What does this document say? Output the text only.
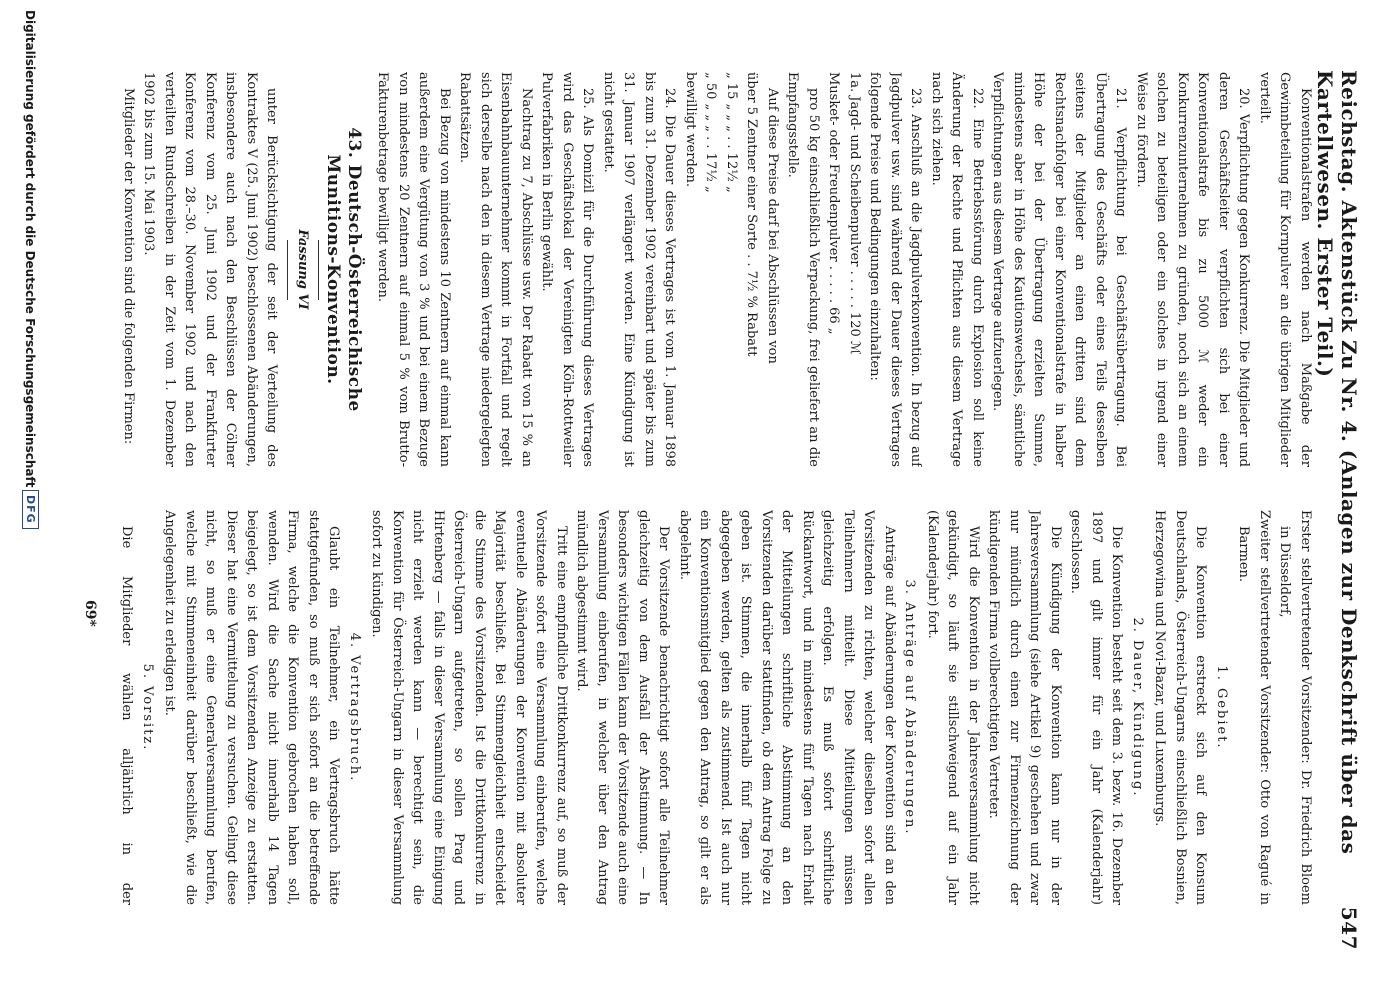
Reichstag. Aktenstück Zu Nr. 4. (Anlagen zur Denkschrift über das Kartellwesen. Erster Teil.)
547

Konventionalstrafen werden nach Maßgabe der Gewinnbeteilung für Kornpulver an die übrigen Mitglieder verteilt.

20. Verpflichtung gegen Konkurrenz. Die Mitglieder und deren Geschäftsleiter verpflichten sich bei einer Konventionalstrafe bis zu 5000 ℳ weder ein Konkurrenzunternehmen zu gründen, noch sich an einem solchen zu beteiligen oder ein solches in irgend einer Weise zu fördern.

21. Verpflichtung bei Geschäftsübertragung. Bei Übertragung des Geschäfts oder eines Teils desselben seitens der Mitglieder an einen dritten sind dem Rechtsnachfolger bei einer Konventionalstrafe in halber Höhe der bei der Übertragung erzielten Summe, mindestens aber in Höhe des Kautionswechsels, sämtliche Verpflichtungen aus diesem Vertrage aufzuerlegen.

22. Eine Betriebsstörung durch Explosion soll keine Änderung der Rechte und Pflichten aus diesem Vertrage nach sich ziehen.

23. Anschluß an die Jagdpulverkonvention. In bezug auf Jagdpulver usw. sind während der Dauer dieses Vertrages folgende Preise und Bedingungen einzuhalten:

1a. Jagd- und Scheibenpulver . . . . . 120 ℳ

Musket- oder Freudenpulver . . . . . 66 „

pro 50 kg einschließlich Verpackung, frei geliefert an die Empfangsstelle.

Auf diese Preise darf bei Abschlüssen von

über 5 Zentner einer Sorte . . 7½ % Rabatt

„ 15 „ „ „ . . 12½ „

„ 50 „ „ „ . . 17½ „

bewilligt werden.

24. Die Dauer dieses Vertrages ist vom 1. Januar 1898 bis zum 31. Dezember 1902 vereinbart und später bis zum 31. Januar 1907 verlängert worden. Eine Kündigung ist nicht gestattet.

25. Als Domizil für die Durchführung dieses Vertrages wird das Geschäftslokal der Vereinigten Köln-Rottweiler Pulverfabriken in Berlin gewählt.

Nachtrag zu 7, Abschlüsse usw. Der Rabatt von 15 % an Eisenbahnbauunternehmer kommt in Fortfall und regelt sich derselbe nach den in diesem Vertrage niedergelegten Rabattsätzen.

Bei Bezug von mindestens 10 Zentnern auf einmal kann außerdem eine Vergütung von 3 % und bei einem Bezuge von mindestens 20 Zentnern auf einmal 5 % vom Brutto-Fakturenbetrage bewilligt werden.

43. Deutsch-Österreichische Munitions-Konvention.

Fassung VI

unter Berücksichtigung der seit der Verteilung des Kontraktes V (25. Juni 1902) beschlossenen Abänderungen, insbesondere auch nach den Beschlüssen der Cölner Konferenz vom 25. Juni 1902 und der Frankfurter Konferenz vom 28.–30. November 1902 und nach den verteilten Rundschreiben in der Zeit vom 1. Dezember 1902 bis zum 15. Mai 1903.

Mitglieder der Konvention sind die folgenden Firmen:

Erster stellvertretender Vorsitzender: Dr. Friedrich Bloem in Düsseldorf,

Zweiter stellvertretender Vorsitzender: Otto von Ragué in Barmen.

1. Gebiet.

Die Konvention erstreckt sich auf den Konsum Deutschlands, Österreich-Ungarns einschließlich Bosnien, Herzegowina und Novi-Bazar, und Luxemburgs.

2. Dauer, Kündigung.

Die Konvention besteht seit dem 3. bezw. 16. Dezember 1897 und gilt immer für ein Jahr (Kalenderjahr) geschlossen.

Die Kündigung der Konvention kann nur in der Jahresversammlung (siehe Artikel 9) geschehen und zwar nur mündlich durch einen zur Firmenzeichnung der kündigenden Firma vollberechtigten Vertreter.

Wird die Konvention in der Jahresversammlung nicht gekündigt, so läuft sie stillschweigend auf ein Jahr (Kalenderjahr) fort.

3. Anträge auf Abänderungen.

Anträge auf Abänderungen der Konvention sind an den Vorsitzenden zu richten, welcher dieselben sofort allen Teilnehmern mitteilt. Diese Mitteilungen müssen gleichzeitig erfolgen. Es muß sofort schriftliche Rückantwort, und in mindestens fünf Tagen nach Erhalt der Mitteilungen schriftliche Abstimmung an den Vorsitzenden darüber stattfinden, ob dem Antrag Folge zu geben ist. Stimmen, die innerhalb fünf Tagen nicht abgegeben werden, gelten als zustimmend. Ist auch nur ein Konventionsmitglied gegen den Antrag, so gilt er als abgelehnt.

Der Vorsitzende benachrichtigt sofort alle Teilnehmer gleichzeitig von dem Ausfall der Abstimmung. — In besonders wichtigen Fällen kann der Vorsitzende auch eine Versammlung einberufen, in welcher über den Antrag mündlich abgestimmt wird.

Tritt eine empfindliche Drittkonkurrenz auf, so muß der Vorsitzende sofort eine Versammlung einberufen, welche eventuelle Abänderungen der Konvention mit absoluter Majorität beschließt. Bei Stimmengleichheit entscheidet die Stimme des Vorsitzenden. Ist die Drittkonkurrenz in Österreich-Ungarn aufgetreten, so sollen Prag und Hirtenberg — falls in dieser Versammlung eine Einigung nicht erzielt werden kann — berechtigt sein, die Konvention für Österreich-Ungarn in dieser Versammlung sofort zu kündigen.

4. Vertragsbruch.

Glaubt ein Teilnehmer, ein Vertragsbruch hätte stattgefunden, so muß er sich sofort an die betreffende Firma, welche die Konvention gebrochen haben soll, wenden. Wird die Sache nicht innerhalb 14 Tagen beigelegt, so ist dem Vorsitzenden Anzeige zu erstatten. Dieser hat eine Vermittelung zu versuchen. Gelingt diese nicht, so muß er eine Generalversammlung berufen, welche mit Stimmeneinheit darüber beschließt, wie die Angelegenheit zu erledigen ist.

5. Vorsitz.

Die Mitglieder wählen alljährlich in der

69*
Digitalisierung gefördert durch die Deutsche Forschungsgemeinschaft
DFG
